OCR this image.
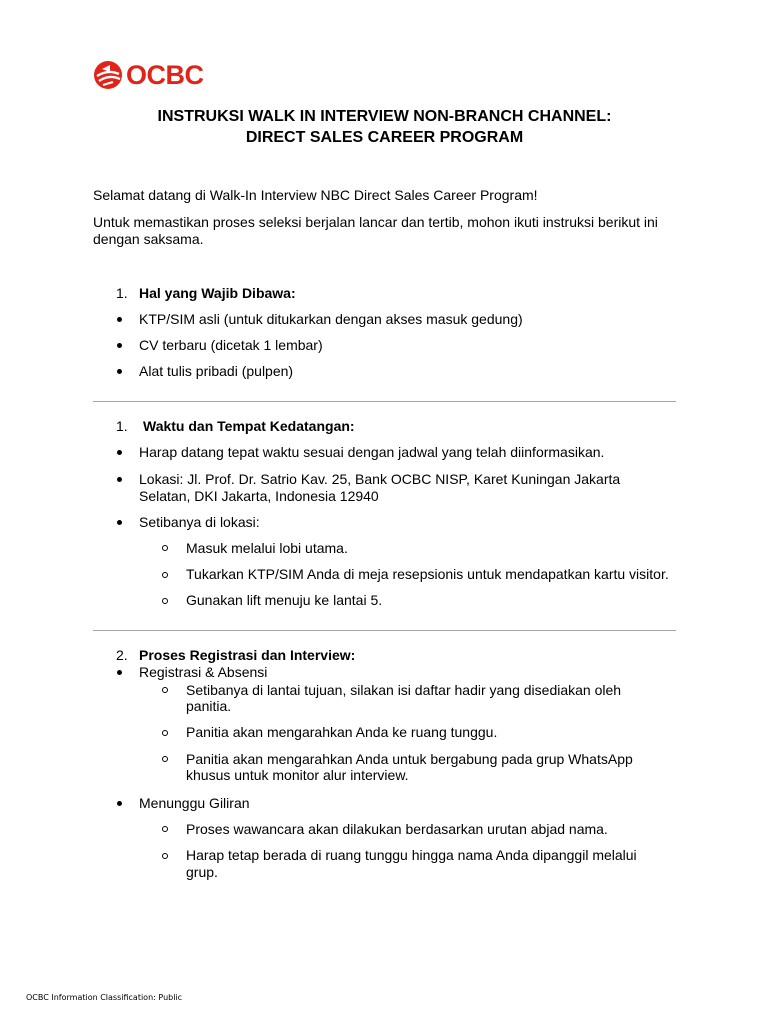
OCBC
INSTRUKSI WALK IN INTERVIEW NON-BRANCH CHANNEL:
DIRECT SALES CAREER PROGRAM
Selamat datang di Walk-In Interview NBC Direct Sales Career Program!
Untuk memastikan proses seleksi berjalan lancar dan tertib, mohon ikuti instruksi berikut ini
dengan saksama.
1. Hal yang Wajib Dibawa:
KTP/SIM asli (untuk ditukarkan dengan akses masuk gedung)
CV terbaru (dicetak 1 lembar)
Alat tulis pribadi (pulpen)
1. Waktu dan Tempat Kedatangan:
Harap datang tepat waktu sesuai dengan jadwal yang telah diinformasikan.
Lokasi: Jl. Prof. Dr. Satrio Kav. 25, Bank OCBC NISP, Karet Kuningan Jakarta
Selatan, DKI Jakarta, Indonesia 12940
Setibanya di lokasi:
Masuk melalui lobi utama.
Tukarkan KTP/SIM Anda di meja resepsionis untuk mendapatkan kartu visitor.
Gunakan lift menuju ke lantai 5.
2. Proses Registrasi dan Interview:
Registrasi & Absensi
Setibanya di lantai tujuan, silakan isi daftar hadir yang disediakan oleh
panitia.
Panitia akan mengarahkan Anda ke ruang tunggu.
Panitia akan mengarahkan Anda untuk bergabung pada grup WhatsApp
khusus untuk monitor alur interview.
Menunggu Giliran
Proses wawancara akan dilakukan berdasarkan urutan abjad nama.
Harap tetap berada di ruang tunggu hingga nama Anda dipanggil melalui
grup.
OCBC Information Classification: Public
